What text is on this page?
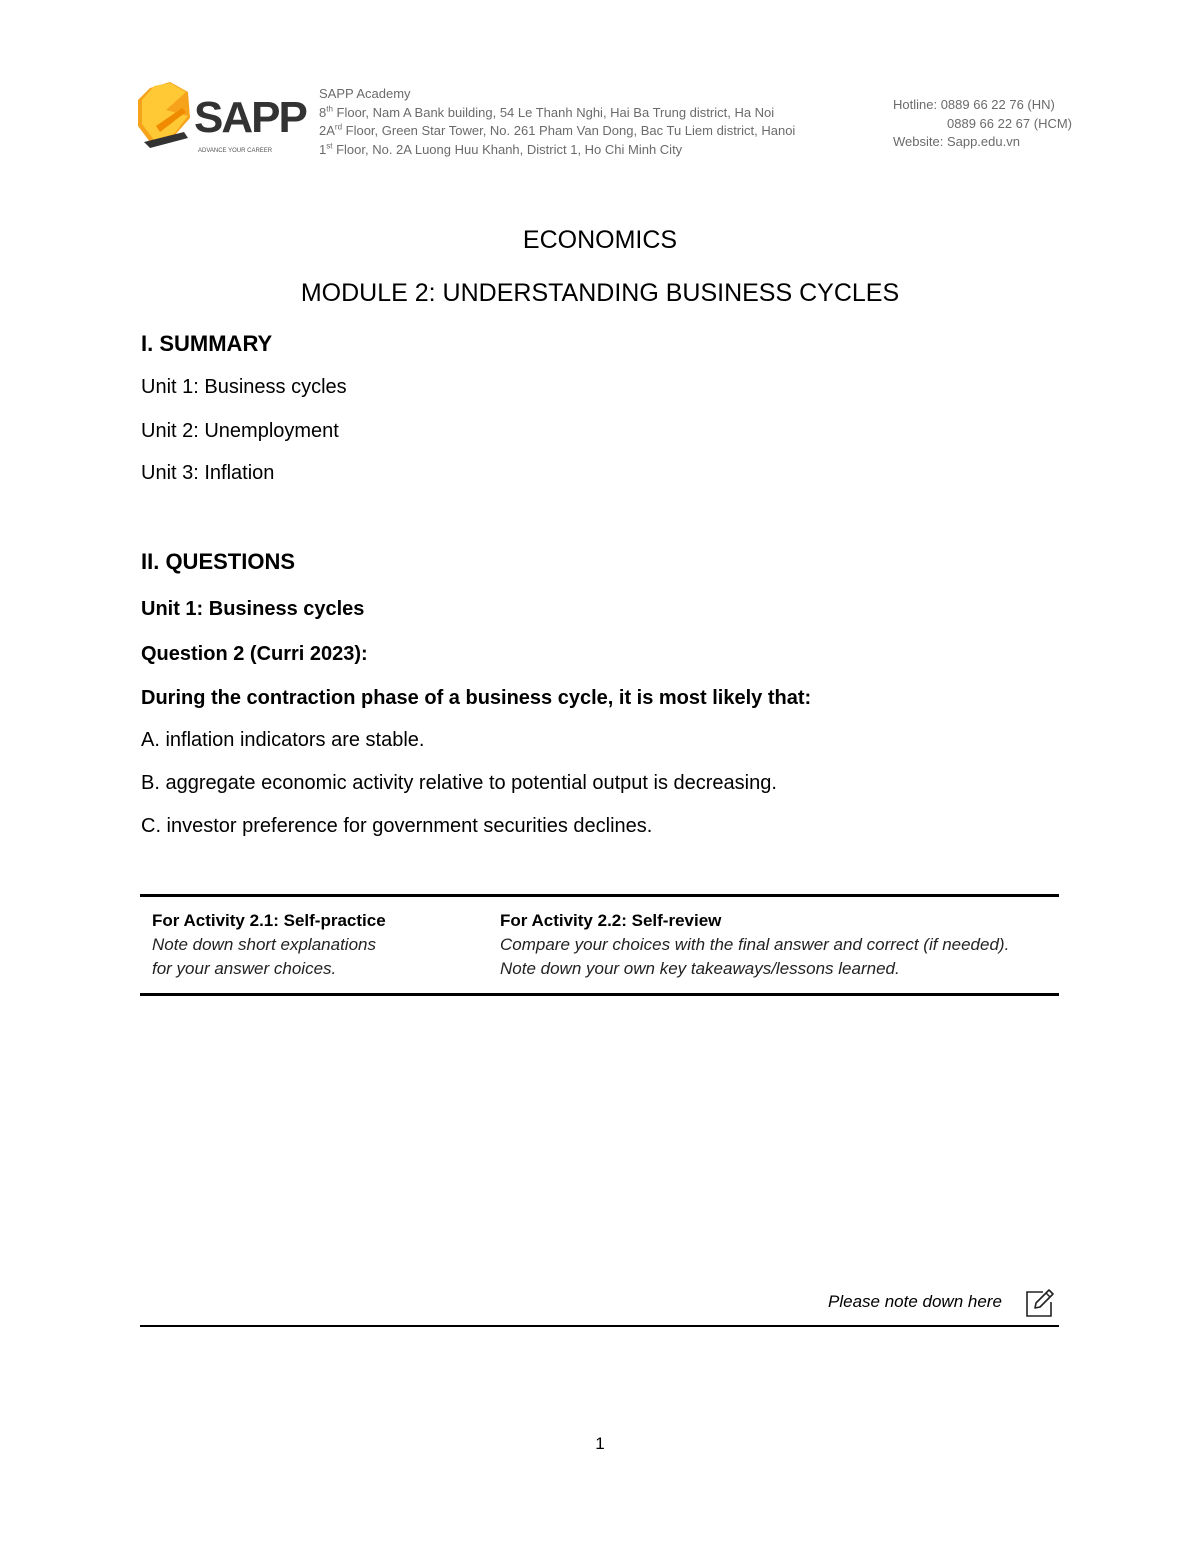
SAPP
ADVANCE YOUR CAREER
SAPP Academy
8th Floor, Nam A Bank building, 54 Le Thanh Nghi, Hai Ba Trung district, Ha Noi
$2A^{rd}$ Floor, Green Star Tower, No. 261 Pham Van Dong, Bac Tu Liem district, Hanoi
1st Floor, No. 2A Luong Huu Khanh, District 1, Ho Chi Minh City
Hotline: 0889 66 22 76 (HN)
0889 66 22 67 (HCM)
Website: Sapp.edu.vn
ECONOMICS
MODULE 2: UNDERSTANDING BUSINESS CYCLES
I. SUMMARY
Unit 1: Business cycles
Unit 2: Unemployment
Unit 3: Inflation
II. QUESTIONS
Unit 1: Business cycles
Question 2 (Curri 2023):
During the contraction phase of a business cycle, it is most likely that:
A. inflation indicators are stable.
B. aggregate economic activity relative to potential output is decreasing.
C. investor preference for government securities declines.
For Activity 2.1: Self-practice
Note down short explanations
for your answer choices.
For Activity 2.2: Self-review
Compare your choices with the final answer and correct (if needed).
Note down your own key takeaways/lessons learned.
Please note down here
1
